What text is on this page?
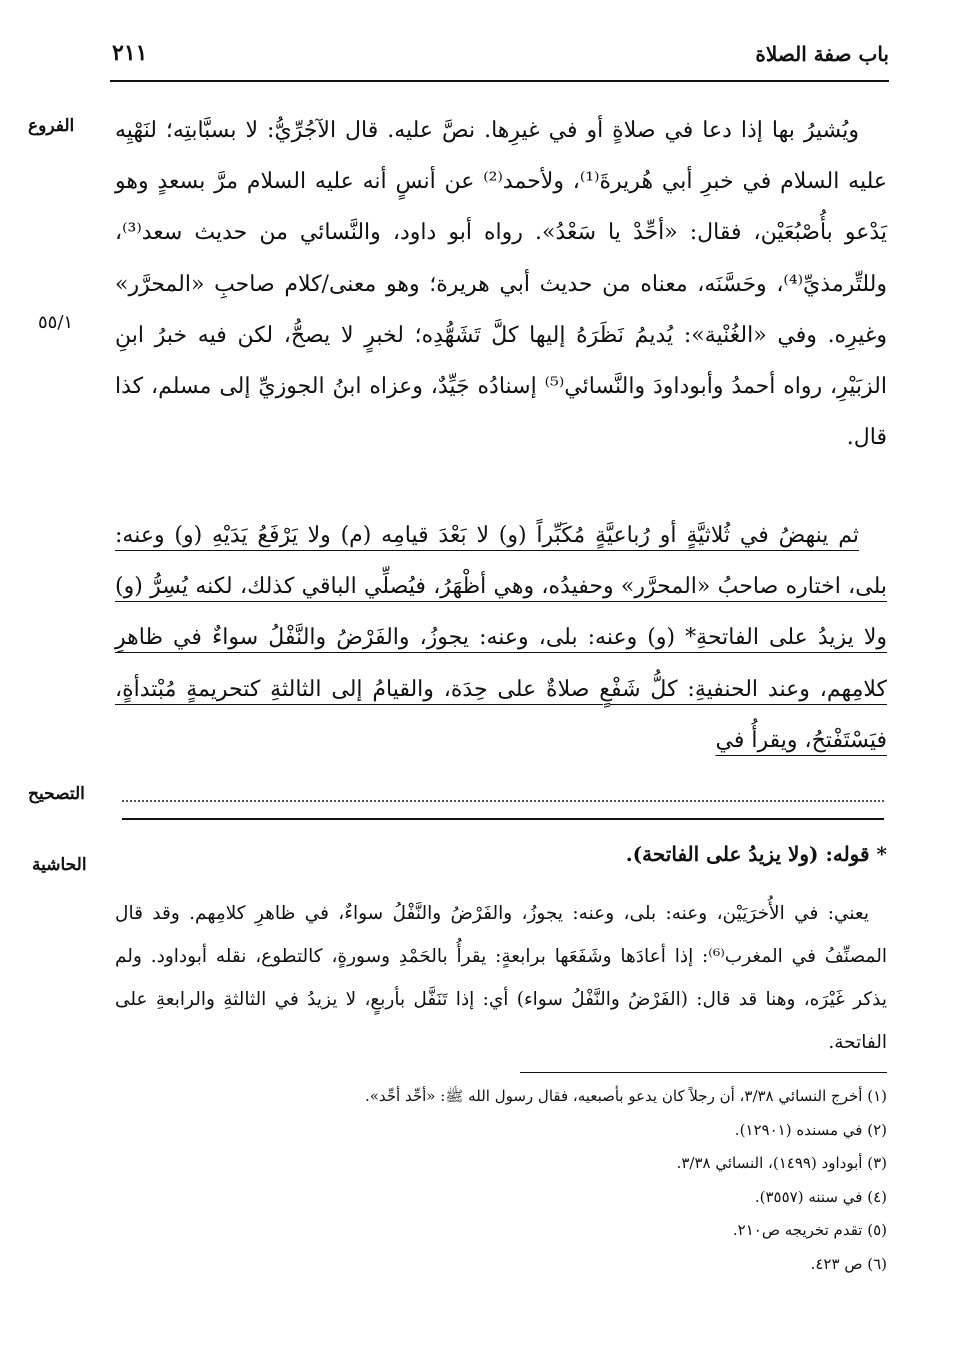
باب صفة الصلاة
٢١١
الفروع
٥٥/١
التصحيح
الحاشية

ويُشيرُ بها إذا دعا في صلاةٍ أو في غيرِها. نصَّ عليه. قال الآجُرِّيُّ: لا بسبَّابتِه؛ لنَهْيِه عليه السلام في خبرِ أبي هُريرةَ⁽¹⁾، ولأحمد⁽²⁾ عن أنسٍ أنه عليه السلام مرَّ بسعدٍ وهو يَدْعو بأُصْبُعَيْن، فقال: «أحِّدْ يا سَعْدُ». رواه أبو داود، والنَّسائي من حديث سعد⁽³⁾، وللتِّرمذيِّ⁽⁴⁾، وحَسَّنَه، معناه من حديث أبي هريرة؛ وهو معنى/كلام صاحبِ «المحرَّر» وغيرِه. وفي «الغُنْية»: يُديمُ نَظَرَهُ إليها كلَّ تَشَهُّدِه؛ لخبرٍ لا يصحُّ، لكن فيه خبرُ ابنِ الزبَيْرِ، رواه أحمدُ وأبوداودَ والنَّسائي⁽⁵⁾ إسنادُه جَيِّدٌ، وعزاه ابنُ الجوزيِّ إلى مسلم، كذا قال.

ثم ينهضُ في ثُلاثيَّةٍ أو رُباعيَّةٍ مُكَبِّراً (و) لا بَعْدَ قيامِه (م) ولا يَرْفَعُ يَدَيْهِ (و) وعنه: بلى، اختاره صاحبُ «المحرَّر» وحفيدُه، وهي أظْهَرُ، فيُصلِّي الباقي كذلك، لكنه يُسِرُّ (و) ولا يزيدُ على الفاتحةِ* (و) وعنه: بلى، وعنه: يجوزُ، والفَرْضُ والنَّفْلُ سواءٌ في ظاهرِ كلامِهم، وعند الحنفيةِ: كلُّ شَفْعٍ صلاةٌ على حِدَة، والقيامُ إلى الثالثةِ كتحريمةٍ مُبْتدأةٍ، فيَسْتَفْتحُ، ويقرأُ في

* قوله: (ولا يزيدُ على الفاتحة).

يعني: في الأُخرَيَيْن، وعنه: بلى، وعنه: يجوزُ، والفَرْضُ والنَّفْلُ سواءٌ، في ظاهرِ كلامِهم. وقد قال المصنِّفُ في المغرب⁽⁶⁾: إذا أعادَها وشَفَعَها برابعةٍ: يقرأُ بالحَمْدِ وسورةٍ، كالتطوع، نقله أبوداود. ولم يذكر غَيْرَه، وهنا قد قال: (الفَرْضُ والنَّفْلُ سواء) أي: إذا تَنَفَّل بأربعٍ، لا يزيدُ في الثالثةِ والرابعةِ على الفاتحة.

(١) أخرج النسائي ٣/٣٨، أن رجلاً كان يدعو بأصبعيه، فقال رسول الله ﷺ: «أحِّد أحِّد».
(٢) في مسنده (١٢٩٠١).
(٣) أبوداود (١٤٩٩)، النسائي ٣/٣٨.
(٤) في سننه (٣٥٥٧).
(٥) تقدم تخريجه ص٢١٠.
(٦) ص ٤٢٣.
